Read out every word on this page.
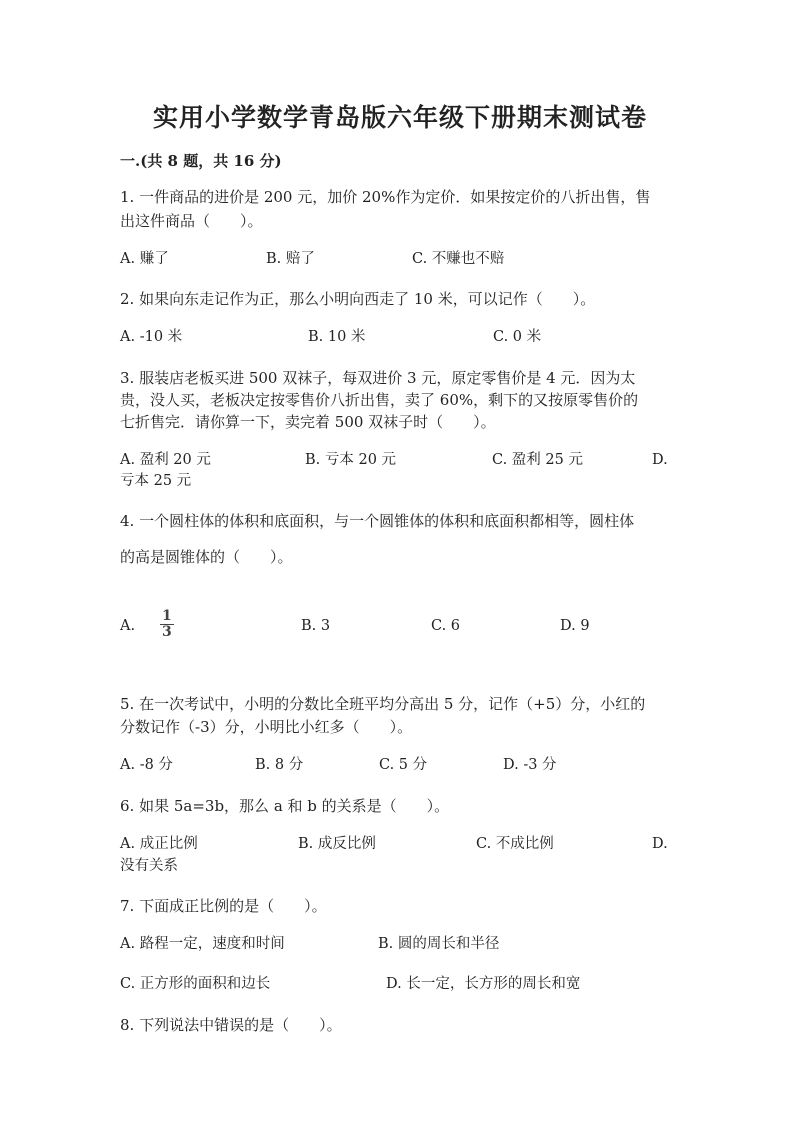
实用小学数学青岛版六年级下册期末测试卷
一.(共 8 题，共 16 分)
1. 一件商品的进价是 200 元，加价 20%作为定价．如果按定价的八折出售，售
出这件商品（　　）。
A. 赚了	B. 赔了	C. 不赚也不赔
2. 如果向东走记作为正，那么小明向西走了 10 米，可以记作（　　）。
A. -10 米	B. 10 米	C. 0 米
3. 服装店老板买进 500 双袜子，每双进价 3 元，原定零售价是 4 元．因为太
贵，没人买，老板决定按零售价八折出售，卖了 60%，剩下的又按原零售价的
七折售完．请你算一下，卖完着 500 双袜子时（　　）。
A. 盈利 20 元	B. 亏本 20 元	C. 盈利 25 元	D.
亏本 25 元
4. 一个圆柱体的体积和底面积，与一个圆锥体的体积和底面积都相等，圆柱体
的高是圆锥体的（　　）。
A. $\frac{1}{3}$	B. 3	C. 6	D. 9
5. 在一次考试中，小明的分数比全班平均分高出 5 分，记作（+5）分，小红的
分数记作（-3）分，小明比小红多（　　）。
A. -8 分	B. 8 分	C. 5 分	D. -3 分
6. 如果 5a=3b，那么 a 和 b 的关系是（　　）。
A. 成正比例	B. 成反比例	C. 不成比例	D.
没有关系
7. 下面成正比例的是（　　）。
A. 路程一定，速度和时间	B. 圆的周长和半径
C. 正方形的面积和边长	D. 长一定，长方形的周长和宽
8. 下列说法中错误的是（　　）。
